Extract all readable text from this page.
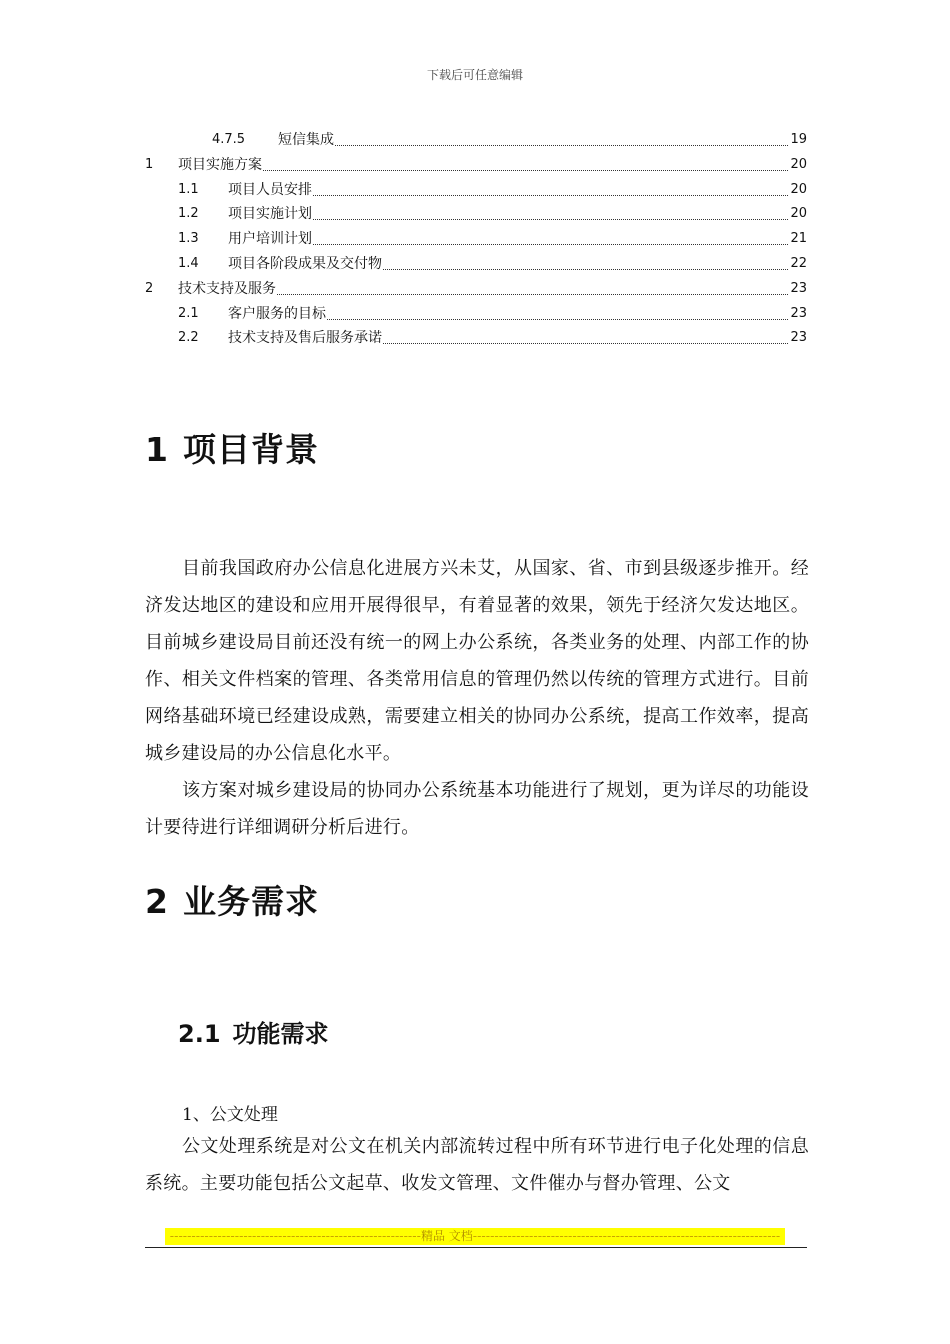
下载后可任意编辑
4.7.5	短信集成	19
1	项目实施方案	20
1.1	项目人员安排	20
1.2	项目实施计划	20
1.3	用户培训计划	21
1.4	项目各阶段成果及交付物	22
2	技术支持及服务	23
2.1	客户服务的目标	23
2.2	技术支持及售后服务承诺	23
1 项目背景

目前我国政府办公信息化进展方兴未艾，从国家、省、市到县级逐步推开。经济发达地区的建设和应用开展得很早，有着显著的效果，领先于经济欠发达地区。目前城乡建设局目前还没有统一的网上办公系统，各类业务的处理、内部工作的协作、相关文件档案的管理、各类常用信息的管理仍然以传统的管理方式进行。目前网络基础环境已经建设成熟，需要建立相关的协同办公系统，提高工作效率，提高城乡建设局的办公信息化水平。

该方案对城乡建设局的协同办公系统基本功能进行了规划，更为详尽的功能设计要待进行详细调研分析后进行。

2 业务需求
2.1 功能需求
1、公文处理

公文处理系统是对公文在机关内部流转过程中所有环节进行电子化处理的信息系统。主要功能包括公文起草、收发文管理、文件催办与督办管理、公文

----------------------------------------------------------精品 文档-----------------------------------------------------------------------
